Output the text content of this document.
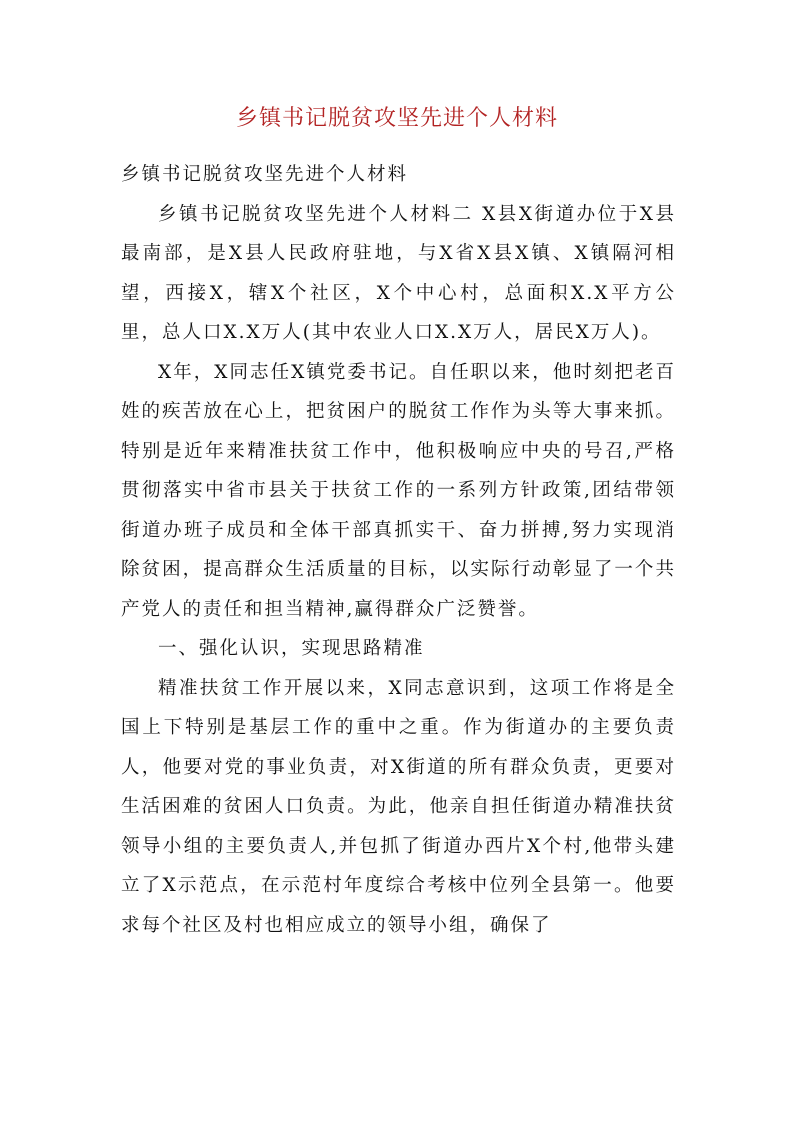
乡镇书记脱贫攻坚先进个人材料

乡镇书记脱贫攻坚先进个人材料

乡镇书记脱贫攻坚先进个人材料二 X县X街道办位于X县最南部，是X县人民政府驻地，与X省X县X镇、X镇隔河相望，西接X，辖X个社区，X个中心村，总面积X.X平方公里，总人口X.X万人(其中农业人口X.X万人，居民X万人)。

X年，X同志任X镇党委书记。自任职以来，他时刻把老百姓的疾苦放在心上，把贫困户的脱贫工作作为头等大事来抓。特别是近年来精准扶贫工作中，他积极响应中央的号召,严格贯彻落实中省市县关于扶贫工作的一系列方针政策,团结带领街道办班子成员和全体干部真抓实干、奋力拼搏,努力实现消除贫困，提高群众生活质量的目标，以实际行动彰显了一个共产党人的责任和担当精神,赢得群众广泛赞誉。

一、强化认识，实现思路精准

精准扶贫工作开展以来，X同志意识到，这项工作将是全国上下特别是基层工作的重中之重。作为街道办的主要负责人，他要对党的事业负责，对X街道的所有群众负责，更要对生活困难的贫困人口负责。为此，他亲自担任街道办精准扶贫领导小组的主要负责人,并包抓了街道办西片X个村,他带头建立了X示范点，在示范村年度综合考核中位列全县第一。他要求每个社区及村也相应成立的领导小组，确保了
